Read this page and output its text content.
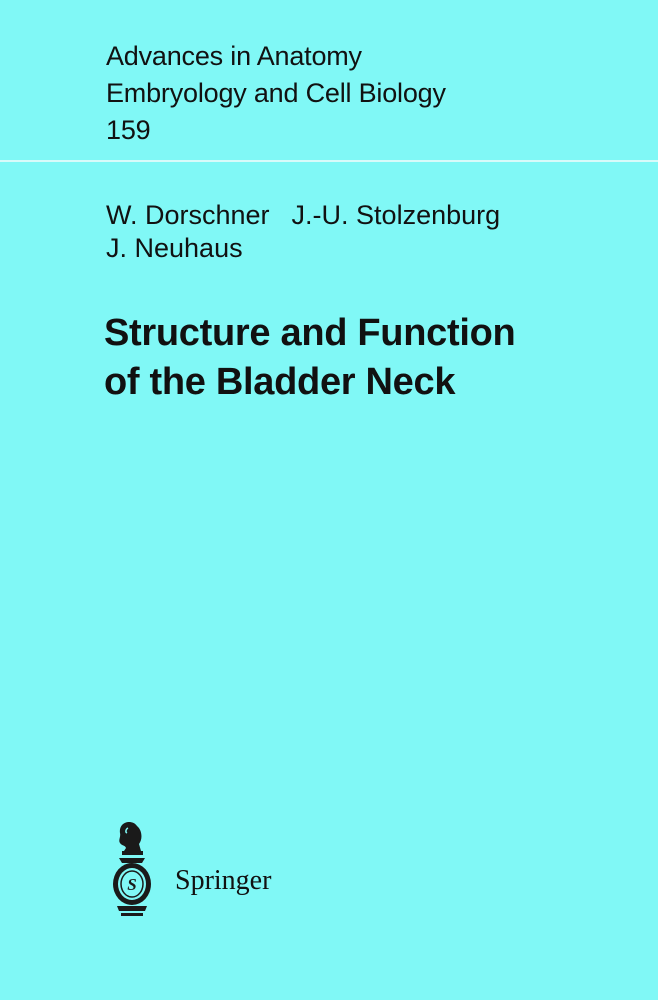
Advances in Anatomy
Embryology and Cell Biology
159
W. Dorschner J.-U. Stolzenburg
J. Neuhaus
Structure and Function
of the Bladder Neck
S Springer
